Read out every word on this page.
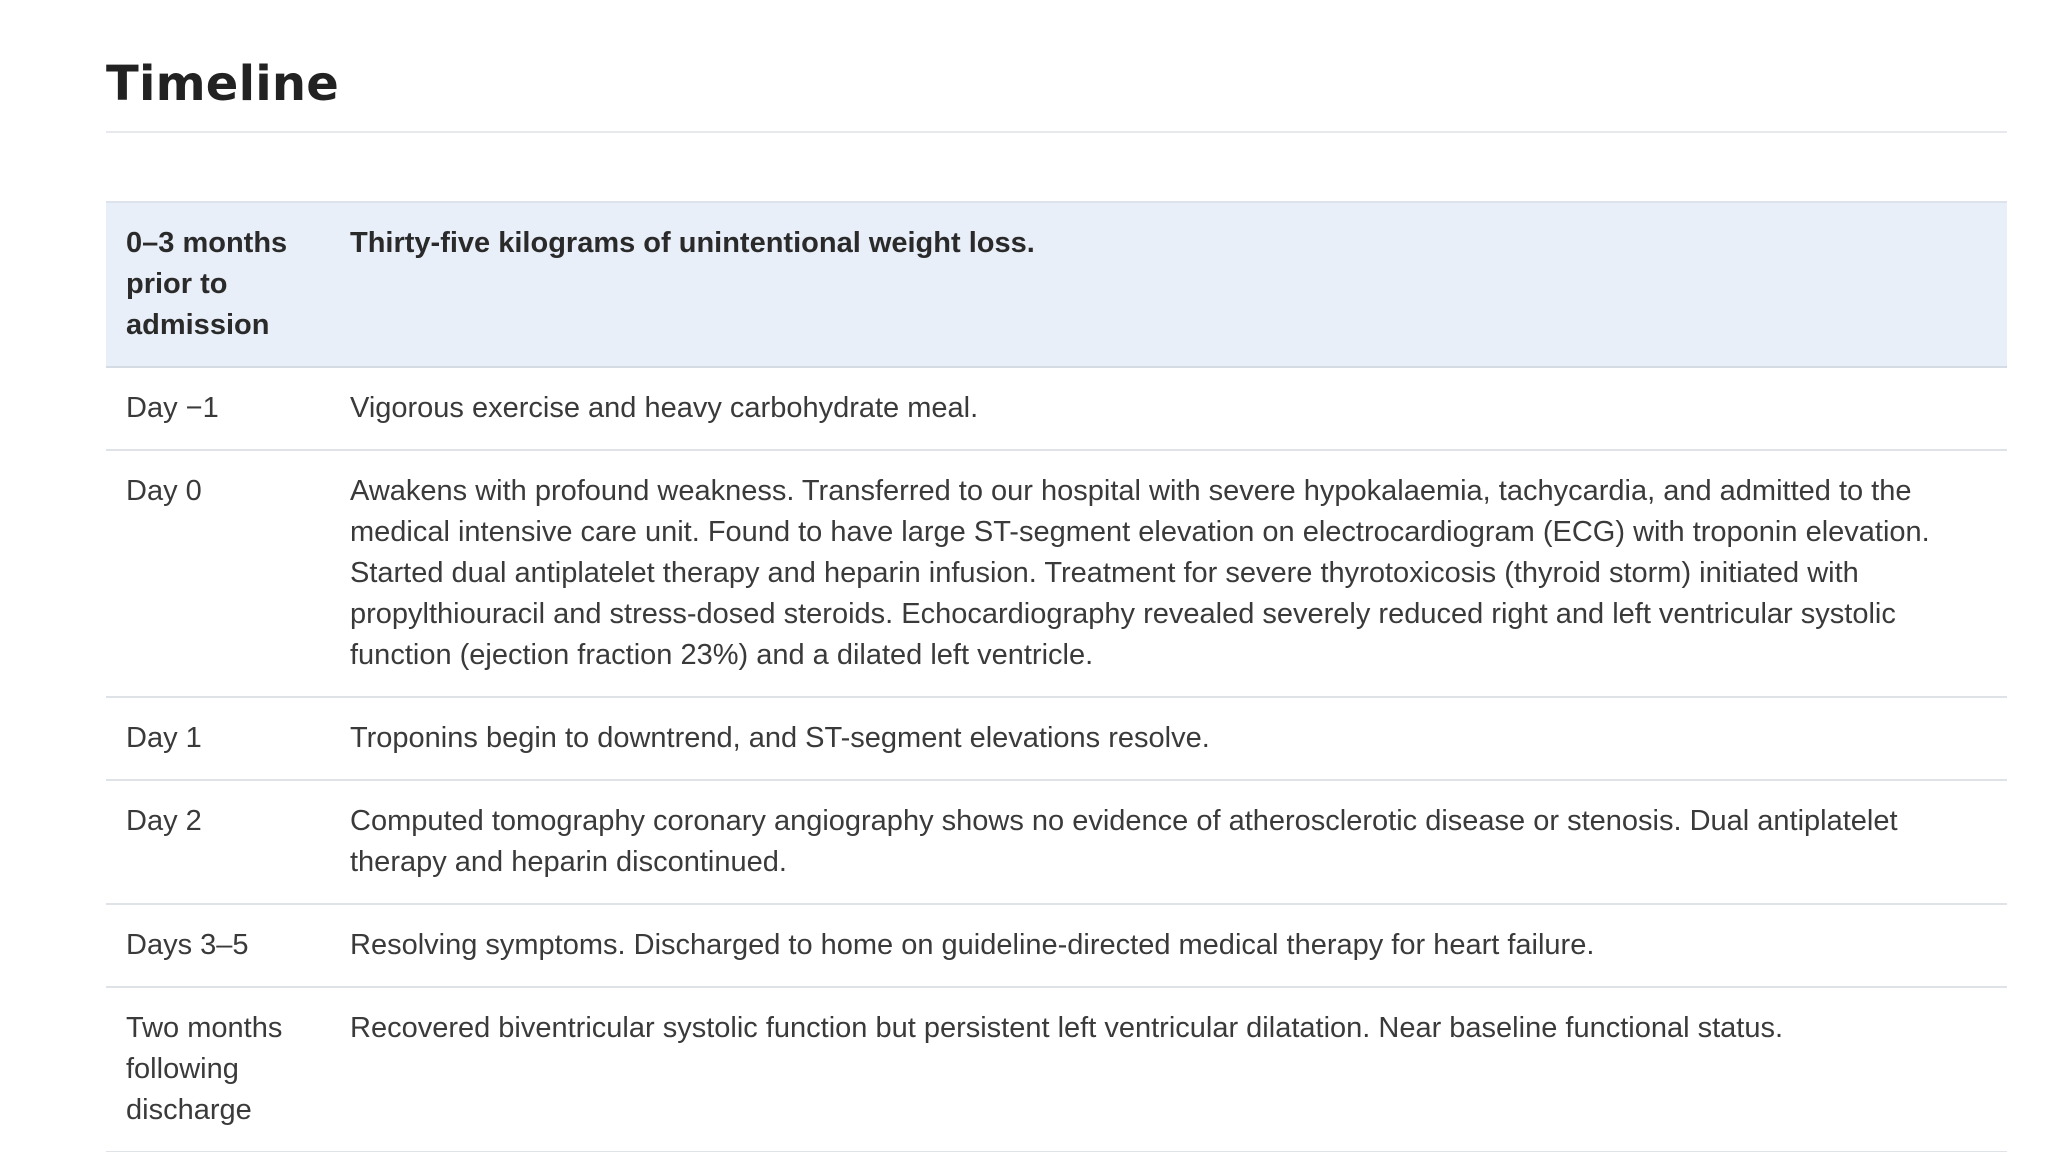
Timeline
0–3 months prior to admission	Thirty-five kilograms of unintentional weight loss.
Day −1	Vigorous exercise and heavy carbohydrate meal.
Day 0	Awakens with profound weakness. Transferred to our hospital with severe hypokalaemia, tachycardia, and admitted to the medical intensive care unit. Found to have large ST-segment elevation on electrocardiogram (ECG) with troponin elevation. Started dual antiplatelet therapy and heparin infusion. Treatment for severe thyrotoxicosis (thyroid storm) initiated with propylthiouracil and stress-dosed steroids. Echocardiography revealed severely reduced right and left ventricular systolic function (ejection fraction 23%) and a dilated left ventricle.
Day 1	Troponins begin to downtrend, and ST-segment elevations resolve.
Day 2	Computed tomography coronary angiography shows no evidence of atherosclerotic disease or stenosis. Dual antiplatelet therapy and heparin discontinued.
Days 3–5	Resolving symptoms. Discharged to home on guideline-directed medical therapy for heart failure.
Two months following discharge	Recovered biventricular systolic function but persistent left ventricular dilatation. Near baseline functional status.
